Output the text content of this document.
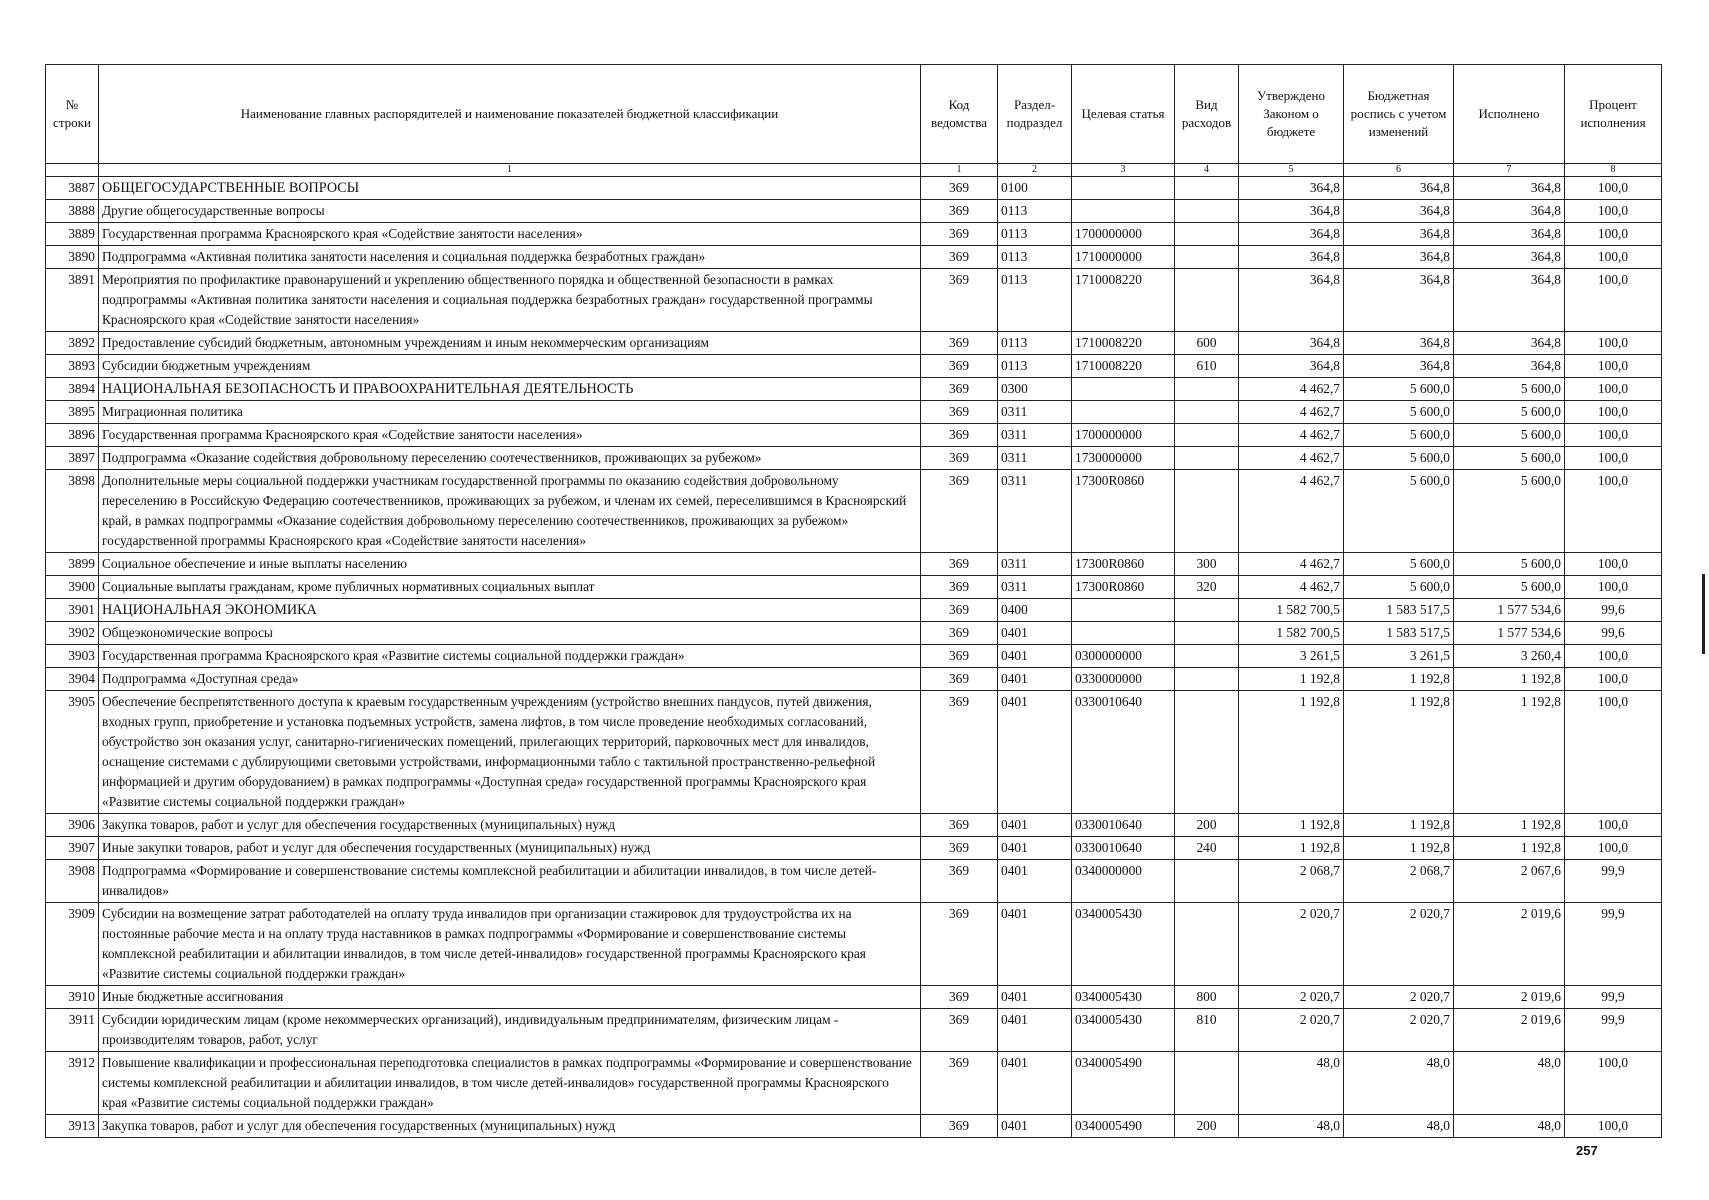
№ строки	Наименование главных распорядителей и наименование показателей бюджетной классификации	Код ведомства	Раздел-подраздел	Целевая статья	Вид расходов	Утверждено Законом о бюджете	Бюджетная роспись с учетом изменений	Исполнено	Процент исполнения
	1	1	2	3	4	5	6	7	8
3887	ОБЩЕГОСУДАРСТВЕННЫЕ ВОПРОСЫ	369	0100			364,8	364,8	364,8	100,0
3888	Другие общегосударственные вопросы	369	0113			364,8	364,8	364,8	100,0
3889	Государственная программа Красноярского края «Содействие занятости населения»	369	0113	1700000000		364,8	364,8	364,8	100,0
3890	Подпрограмма «Активная политика занятости населения и социальная поддержка безработных граждан»	369	0113	1710000000		364,8	364,8	364,8	100,0
3891	Мероприятия по профилактике правонарушений и укреплению общественного порядка и общественной безопасности в рамках подпрограммы «Активная политика занятости населения и социальная поддержка безработных граждан» государственной программы Красноярского края «Содействие занятости населения»	369	0113	1710008220		364,8	364,8	364,8	100,0
3892	Предоставление субсидий бюджетным, автономным учреждениям и иным некоммерческим организациям	369	0113	1710008220	600	364,8	364,8	364,8	100,0
3893	Субсидии бюджетным учреждениям	369	0113	1710008220	610	364,8	364,8	364,8	100,0
3894	НАЦИОНАЛЬНАЯ БЕЗОПАСНОСТЬ И ПРАВООХРАНИТЕЛЬНАЯ ДЕЯТЕЛЬНОСТЬ	369	0300			4 462,7	5 600,0	5 600,0	100,0
3895	Миграционная политика	369	0311			4 462,7	5 600,0	5 600,0	100,0
3896	Государственная программа Красноярского края «Содействие занятости населения»	369	0311	1700000000		4 462,7	5 600,0	5 600,0	100,0
3897	Подпрограмма «Оказание содействия добровольному переселению соотечественников, проживающих за рубежом»	369	0311	1730000000		4 462,7	5 600,0	5 600,0	100,0
3898	Дополнительные меры социальной поддержки участникам государственной программы по оказанию содействия добровольному переселению в Российскую Федерацию соотечественников, проживающих за рубежом, и членам их семей, переселившимся в Красноярский край, в рамках подпрограммы «Оказание содействия добровольному переселению соотечественников, проживающих за рубежом» государственной программы Красноярского края «Содействие занятости населения»	369	0311	17300R0860		4 462,7	5 600,0	5 600,0	100,0
3899	Социальное обеспечение и иные выплаты населению	369	0311	17300R0860	300	4 462,7	5 600,0	5 600,0	100,0
3900	Социальные выплаты гражданам, кроме публичных нормативных социальных выплат	369	0311	17300R0860	320	4 462,7	5 600,0	5 600,0	100,0
3901	НАЦИОНАЛЬНАЯ ЭКОНОМИКА	369	0400			1 582 700,5	1 583 517,5	1 577 534,6	99,6
3902	Общеэкономические вопросы	369	0401			1 582 700,5	1 583 517,5	1 577 534,6	99,6
3903	Государственная программа Красноярского края «Развитие системы социальной поддержки граждан»	369	0401	0300000000		3 261,5	3 261,5	3 260,4	100,0
3904	Подпрограмма «Доступная среда»	369	0401	0330000000		1 192,8	1 192,8	1 192,8	100,0
3905	Обеспечение беспрепятственного доступа к краевым государственным учреждениям (устройство внешних пандусов, путей движения, входных групп, приобретение и установка подъемных устройств, замена лифтов, в том числе проведение необходимых согласований, обустройство зон оказания услуг, санитарно-гигиенических помещений, прилегающих территорий, парковочных мест для инвалидов, оснащение системами с дублирующими световыми устройствами, информационными табло с тактильной пространственно-рельефной информацией и другим оборудованием) в рамках подпрограммы «Доступная среда» государственной программы Красноярского края «Развитие системы социальной поддержки граждан»	369	0401	0330010640		1 192,8	1 192,8	1 192,8	100,0
3906	Закупка товаров, работ и услуг для обеспечения государственных (муниципальных) нужд	369	0401	0330010640	200	1 192,8	1 192,8	1 192,8	100,0
3907	Иные закупки товаров, работ и услуг для обеспечения государственных (муниципальных) нужд	369	0401	0330010640	240	1 192,8	1 192,8	1 192,8	100,0
3908	Подпрограмма «Формирование и совершенствование системы комплексной реабилитации и абилитации инвалидов, в том числе детей-инвалидов»	369	0401	0340000000		2 068,7	2 068,7	2 067,6	99,9
3909	Субсидии на возмещение затрат работодателей на оплату труда инвалидов при организации стажировок для трудоустройства их на постоянные рабочие места и на оплату труда наставников в рамках подпрограммы «Формирование и совершенствование системы комплексной реабилитации и абилитации инвалидов, в том числе детей-инвалидов» государственной программы Красноярского края «Развитие системы социальной поддержки граждан»	369	0401	0340005430		2 020,7	2 020,7	2 019,6	99,9
3910	Иные бюджетные ассигнования	369	0401	0340005430	800	2 020,7	2 020,7	2 019,6	99,9
3911	Субсидии юридическим лицам (кроме некоммерческих организаций), индивидуальным предпринимателям, физическим лицам - производителям товаров, работ, услуг	369	0401	0340005430	810	2 020,7	2 020,7	2 019,6	99,9
3912	Повышение квалификации и профессиональная переподготовка специалистов в рамках подпрограммы «Формирование и совершенствование системы комплексной реабилитации и абилитации инвалидов, в том числе детей-инвалидов» государственной программы Красноярского края «Развитие системы социальной поддержки граждан»	369	0401	0340005490		48,0	48,0	48,0	100,0
3913	Закупка товаров, работ и услуг для обеспечения государственных (муниципальных) нужд	369	0401	0340005490	200	48,0	48,0	48,0	100,0
257
